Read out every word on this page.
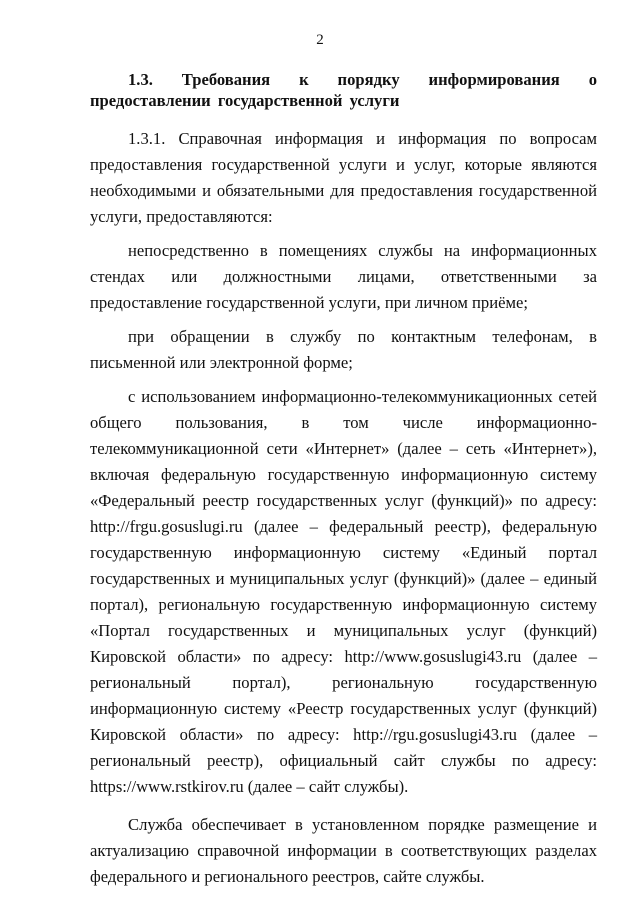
2

1.3. Требования к порядку информирования о предоставлении государственной услуги

1.3.1. Справочная информация и информация по вопросам предоставления государственной услуги и услуг, которые являются необходимыми и обязательными для предоставления государственной услуги, предоставляются:

непосредственно в помещениях службы на информационных стендах или должностными лицами, ответственными за предоставление государственной услуги, при личном приёме;

при обращении в службу по контактным телефонам, в письменной или электронной форме;

с использованием информационно-телекоммуникационных сетей общего пользования, в том числе информационно-телекоммуникационной сети «Интернет» (далее – сеть «Интернет»), включая федеральную государственную информационную систему «Федеральный реестр государственных услуг (функций)» по адресу: http://frgu.gosuslugi.ru (далее – федеральный реестр), федеральную государственную информационную систему «Единый портал государственных и муниципальных услуг (функций)» (далее – единый портал), региональную государственную информационную систему «Портал государственных и муниципальных услуг (функций) Кировской области» по адресу: http://www.gosuslugi43.ru (далее – региональный портал), региональную государственную информационную систему «Реестр государственных услуг (функций) Кировской области» по адресу: http://rgu.gosuslugi43.ru (далее – региональный реестр), официальный сайт службы по адресу: https://www.rstkirov.ru (далее – сайт службы).

Служба обеспечивает в установленном порядке размещение и актуализацию справочной информации в соответствующих разделах федерального и регионального реестров, сайте службы.
